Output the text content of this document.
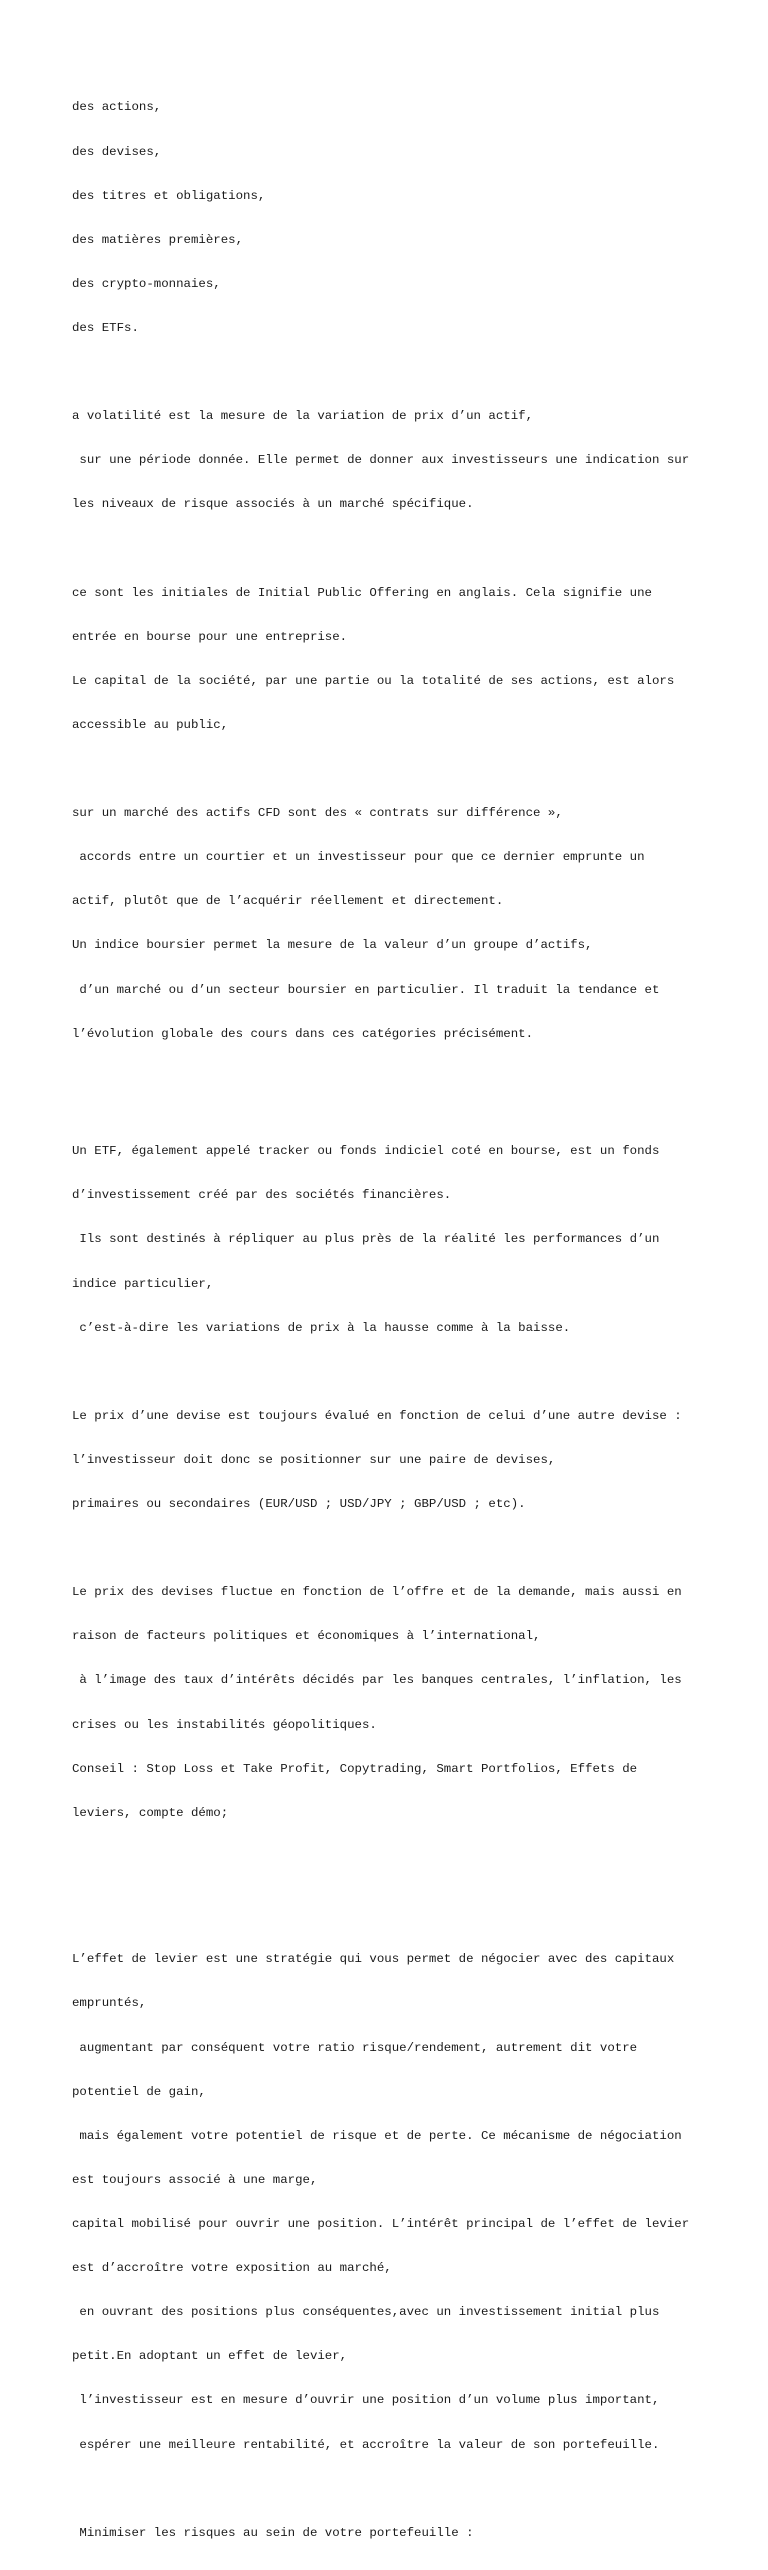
des actions,

des devises,

des titres et obligations,

des matières premières,

des crypto-monnaies,

des ETFs.

a volatilité est la mesure de la variation de prix d’un actif,

sur une période donnée. Elle permet de donner aux investisseurs une indication sur

les niveaux de risque associés à un marché spécifique.

ce sont les initiales de Initial Public Offering en anglais. Cela signifie une

entrée en bourse pour une entreprise.

Le capital de la société, par une partie ou la totalité de ses actions, est alors

accessible au public,

sur un marché des actifs CFD sont des « contrats sur différence »,

accords entre un courtier et un investisseur pour que ce dernier emprunte un

actif, plutôt que de l’acquérir réellement et directement.

Un indice boursier permet la mesure de la valeur d’un groupe d’actifs,

d’un marché ou d’un secteur boursier en particulier. Il traduit la tendance et

l’évolution globale des cours dans ces catégories précisément.

Un ETF, également appelé tracker ou fonds indiciel coté en bourse, est un fonds

d’investissement créé par des sociétés financières.

Ils sont destinés à répliquer au plus près de la réalité les performances d’un

indice particulier,

c’est-à-dire les variations de prix à la hausse comme à la baisse.

Le prix d’une devise est toujours évalué en fonction de celui d’une autre devise :

l’investisseur doit donc se positionner sur une paire de devises,

primaires ou secondaires (EUR/USD ; USD/JPY ; GBP/USD ; etc).

Le prix des devises fluctue en fonction de l’offre et de la demande, mais aussi en

raison de facteurs politiques et économiques à l’international,

à l’image des taux d’intérêts décidés par les banques centrales, l’inflation, les

crises ou les instabilités géopolitiques.

Conseil : Stop Loss et Take Profit, Copytrading, Smart Portfolios, Effets de

leviers, compte démo;

L’effet de levier est une stratégie qui vous permet de négocier avec des capitaux

empruntés,

augmentant par conséquent votre ratio risque/rendement, autrement dit votre

potentiel de gain,

mais également votre potentiel de risque et de perte. Ce mécanisme de négociation

est toujours associé à une marge,

capital mobilisé pour ouvrir une position. L’intérêt principal de l’effet de levier

est d’accroître votre exposition au marché,

en ouvrant des positions plus conséquentes,avec un investissement initial plus

petit.En adoptant un effet de levier,

l’investisseur est en mesure d’ouvrir une position d’un volume plus important,

espérer une meilleure rentabilité, et accroître la valeur de son portefeuille.

Minimiser les risques au sein de votre portefeuille :
